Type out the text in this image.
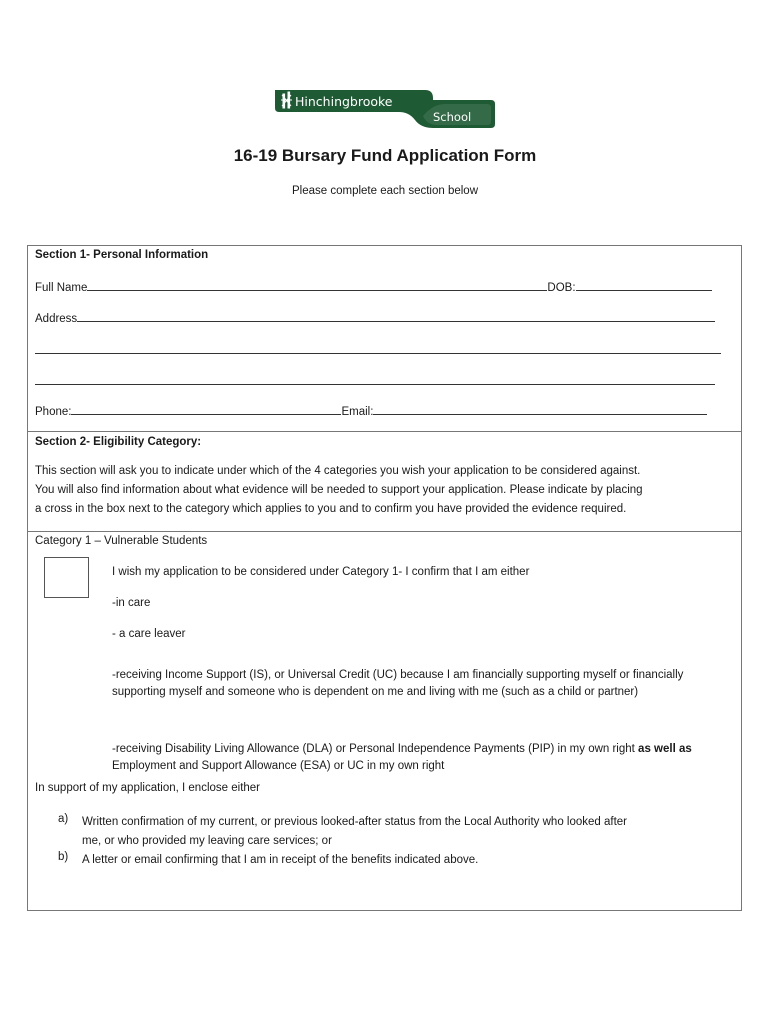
Hinchingbrooke
School
16-19 Bursary Fund Application Form
Please complete each section below
Section 1- Personal Information
Full Name	DOB:
Address
Phone:	Email:
Section 2- Eligibility Category:
This section will ask you to indicate under which of the 4 categories you wish your application to be considered against.
You will also find information about what evidence will be needed to support your application. Please indicate by placing
a cross in the box next to the category which applies to you and to confirm you have provided the evidence required.
Category 1 – Vulnerable Students
I wish my application to be considered under Category 1- I confirm that I am either
-in care
- a care leaver
-receiving Income Support (IS), or Universal Credit (UC) because I am financially supporting myself or financially supporting myself and someone who is dependent on me and living with me (such as a child or partner)
-receiving Disability Living Allowance (DLA) or Personal Independence Payments (PIP) in my own right as well as Employment and Support Allowance (ESA) or UC in my own right
In support of my application, I enclose either
a) Written confirmation of my current, or previous looked-after status from the Local Authority who looked after
me, or who provided my leaving care services; or
b) A letter or email confirming that I am in receipt of the benefits indicated above.
